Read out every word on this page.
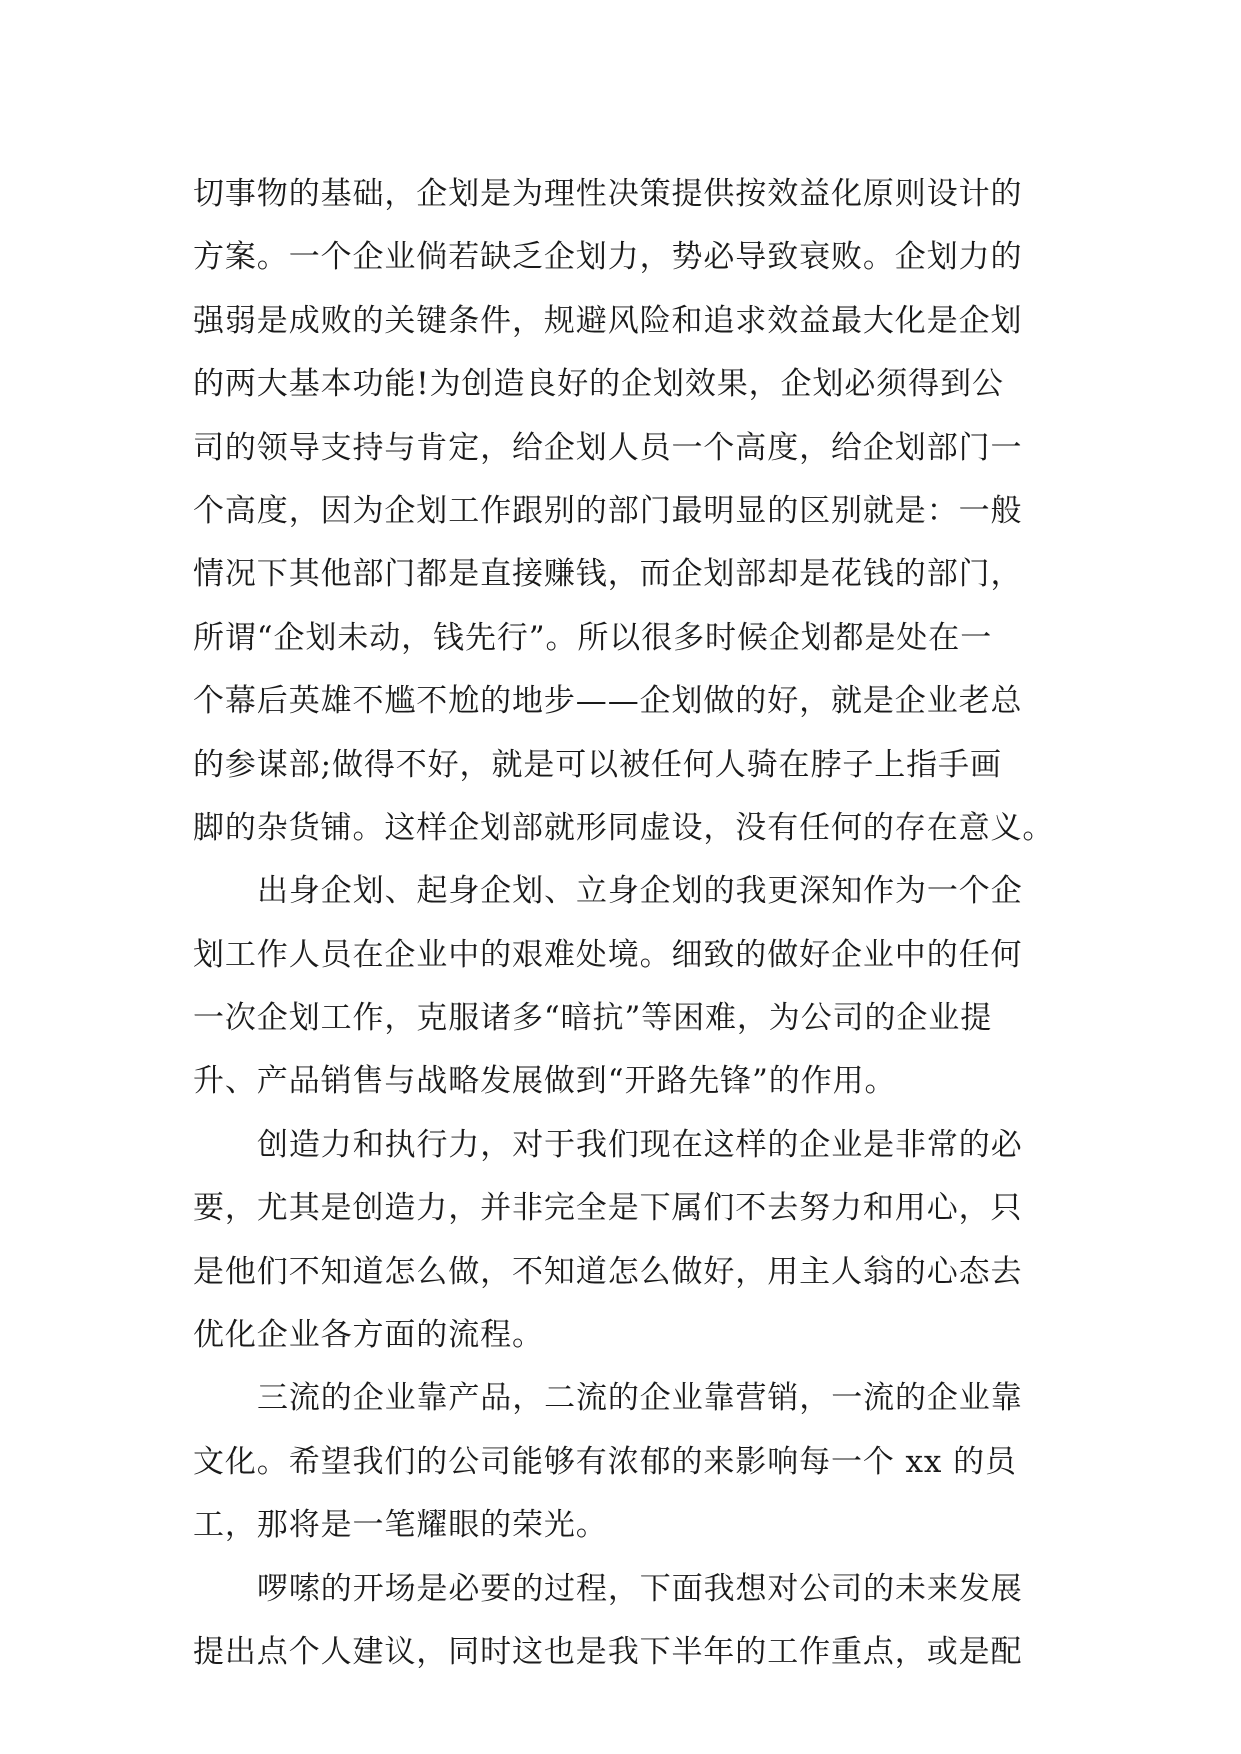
切事物的基础，企划是为理性决策提供按效益化原则设计的
方案。一个企业倘若缺乏企划力，势必导致衰败。企划力的
强弱是成败的关键条件，规避风险和追求效益最大化是企划
的两大基本功能!为创造良好的企划效果，企划必须得到公
司的领导支持与肯定，给企划人员一个高度，给企划部门一
个高度，因为企划工作跟别的部门最明显的区别就是：一般
情况下其他部门都是直接赚钱，而企划部却是花钱的部门，
所谓“企划未动，钱先行”。所以很多时候企划都是处在一
个幕后英雄不尴不尬的地步——企划做的好，就是企业老总
的参谋部;做得不好，就是可以被任何人骑在脖子上指手画
脚的杂货铺。这样企划部就形同虚设，没有任何的存在意义。
出身企划、起身企划、立身企划的我更深知作为一个企
划工作人员在企业中的艰难处境。细致的做好企业中的任何
一次企划工作，克服诸多“暗抗”等困难，为公司的企业提
升、产品销售与战略发展做到“开路先锋”的作用。
创造力和执行力，对于我们现在这样的企业是非常的必
要，尤其是创造力，并非完全是下属们不去努力和用心，只
是他们不知道怎么做，不知道怎么做好，用主人翁的心态去
优化企业各方面的流程。
三流的企业靠产品，二流的企业靠营销，一流的企业靠
文化。希望我们的公司能够有浓郁的来影响每一个 xx 的员
工，那将是一笔耀眼的荣光。
啰嗦的开场是必要的过程，下面我想对公司的未来发展
提出点个人建议，同时这也是我下半年的工作重点，或是配
